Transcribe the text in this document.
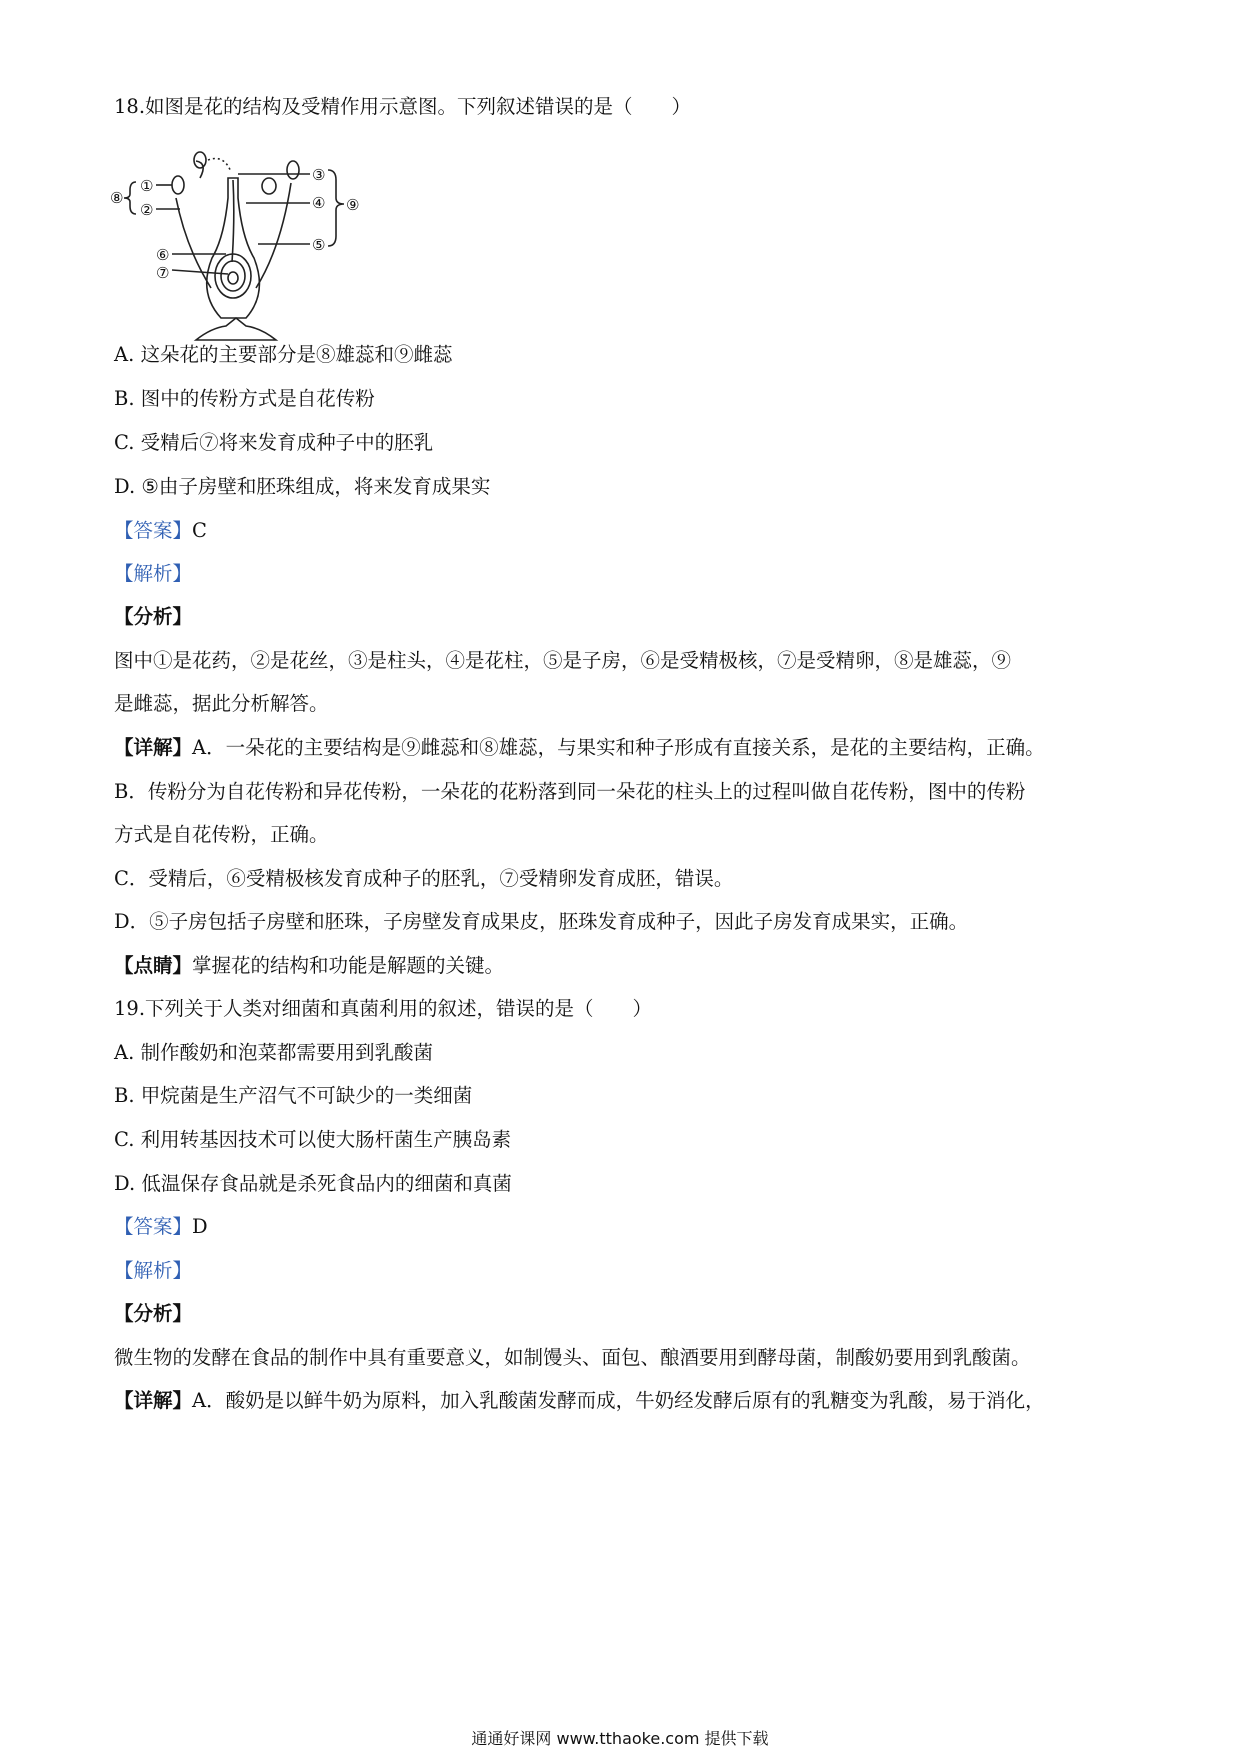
18.如图是花的结构及受精作用示意图。下列叙述错误的是（　　）
①
②
③
④
⑤
⑥
⑦
⑧	⑨
A. 这朵花的主要部分是⑧雄蕊和⑨雌蕊
B. 图中的传粉方式是自花传粉
C. 受精后⑦将来发育成种子中的胚乳
D. ⑤由子房壁和胚珠组成，将来发育成果实
【答案】C
【解析】
【分析】
图中①是花药，②是花丝，③是柱头，④是花柱，⑤是子房，⑥是受精极核，⑦是受精卵，⑧是雄蕊，⑨
是雌蕊，据此分析解答。
【详解】A．一朵花的主要结构是⑨雌蕊和⑧雄蕊，与果实和种子形成有直接关系，是花的主要结构，正确。
B．传粉分为自花传粉和异花传粉，一朵花的花粉落到同一朵花的柱头上的过程叫做自花传粉，图中的传粉
方式是自花传粉，正确。
C．受精后，⑥受精极核发育成种子的胚乳，⑦受精卵发育成胚，错误。
D．⑤子房包括子房壁和胚珠，子房壁发育成果皮，胚珠发育成种子，因此子房发育成果实，正确。
【点睛】掌握花的结构和功能是解题的关键。
19.下列关于人类对细菌和真菌利用的叙述，错误的是（　　）
A. 制作酸奶和泡菜都需要用到乳酸菌
B. 甲烷菌是生产沼气不可缺少的一类细菌
C. 利用转基因技术可以使大肠杆菌生产胰岛素
D. 低温保存食品就是杀死食品内的细菌和真菌
【答案】D
【解析】
【分析】
微生物的发酵在食品的制作中具有重要意义，如制馒头、面包、酿酒要用到酵母菌，制酸奶要用到乳酸菌。
【详解】A．酸奶是以鲜牛奶为原料，加入乳酸菌发酵而成，牛奶经发酵后原有的乳糖变为乳酸，易于消化，
通通好课网 www.tthaoke.com 提供下载
